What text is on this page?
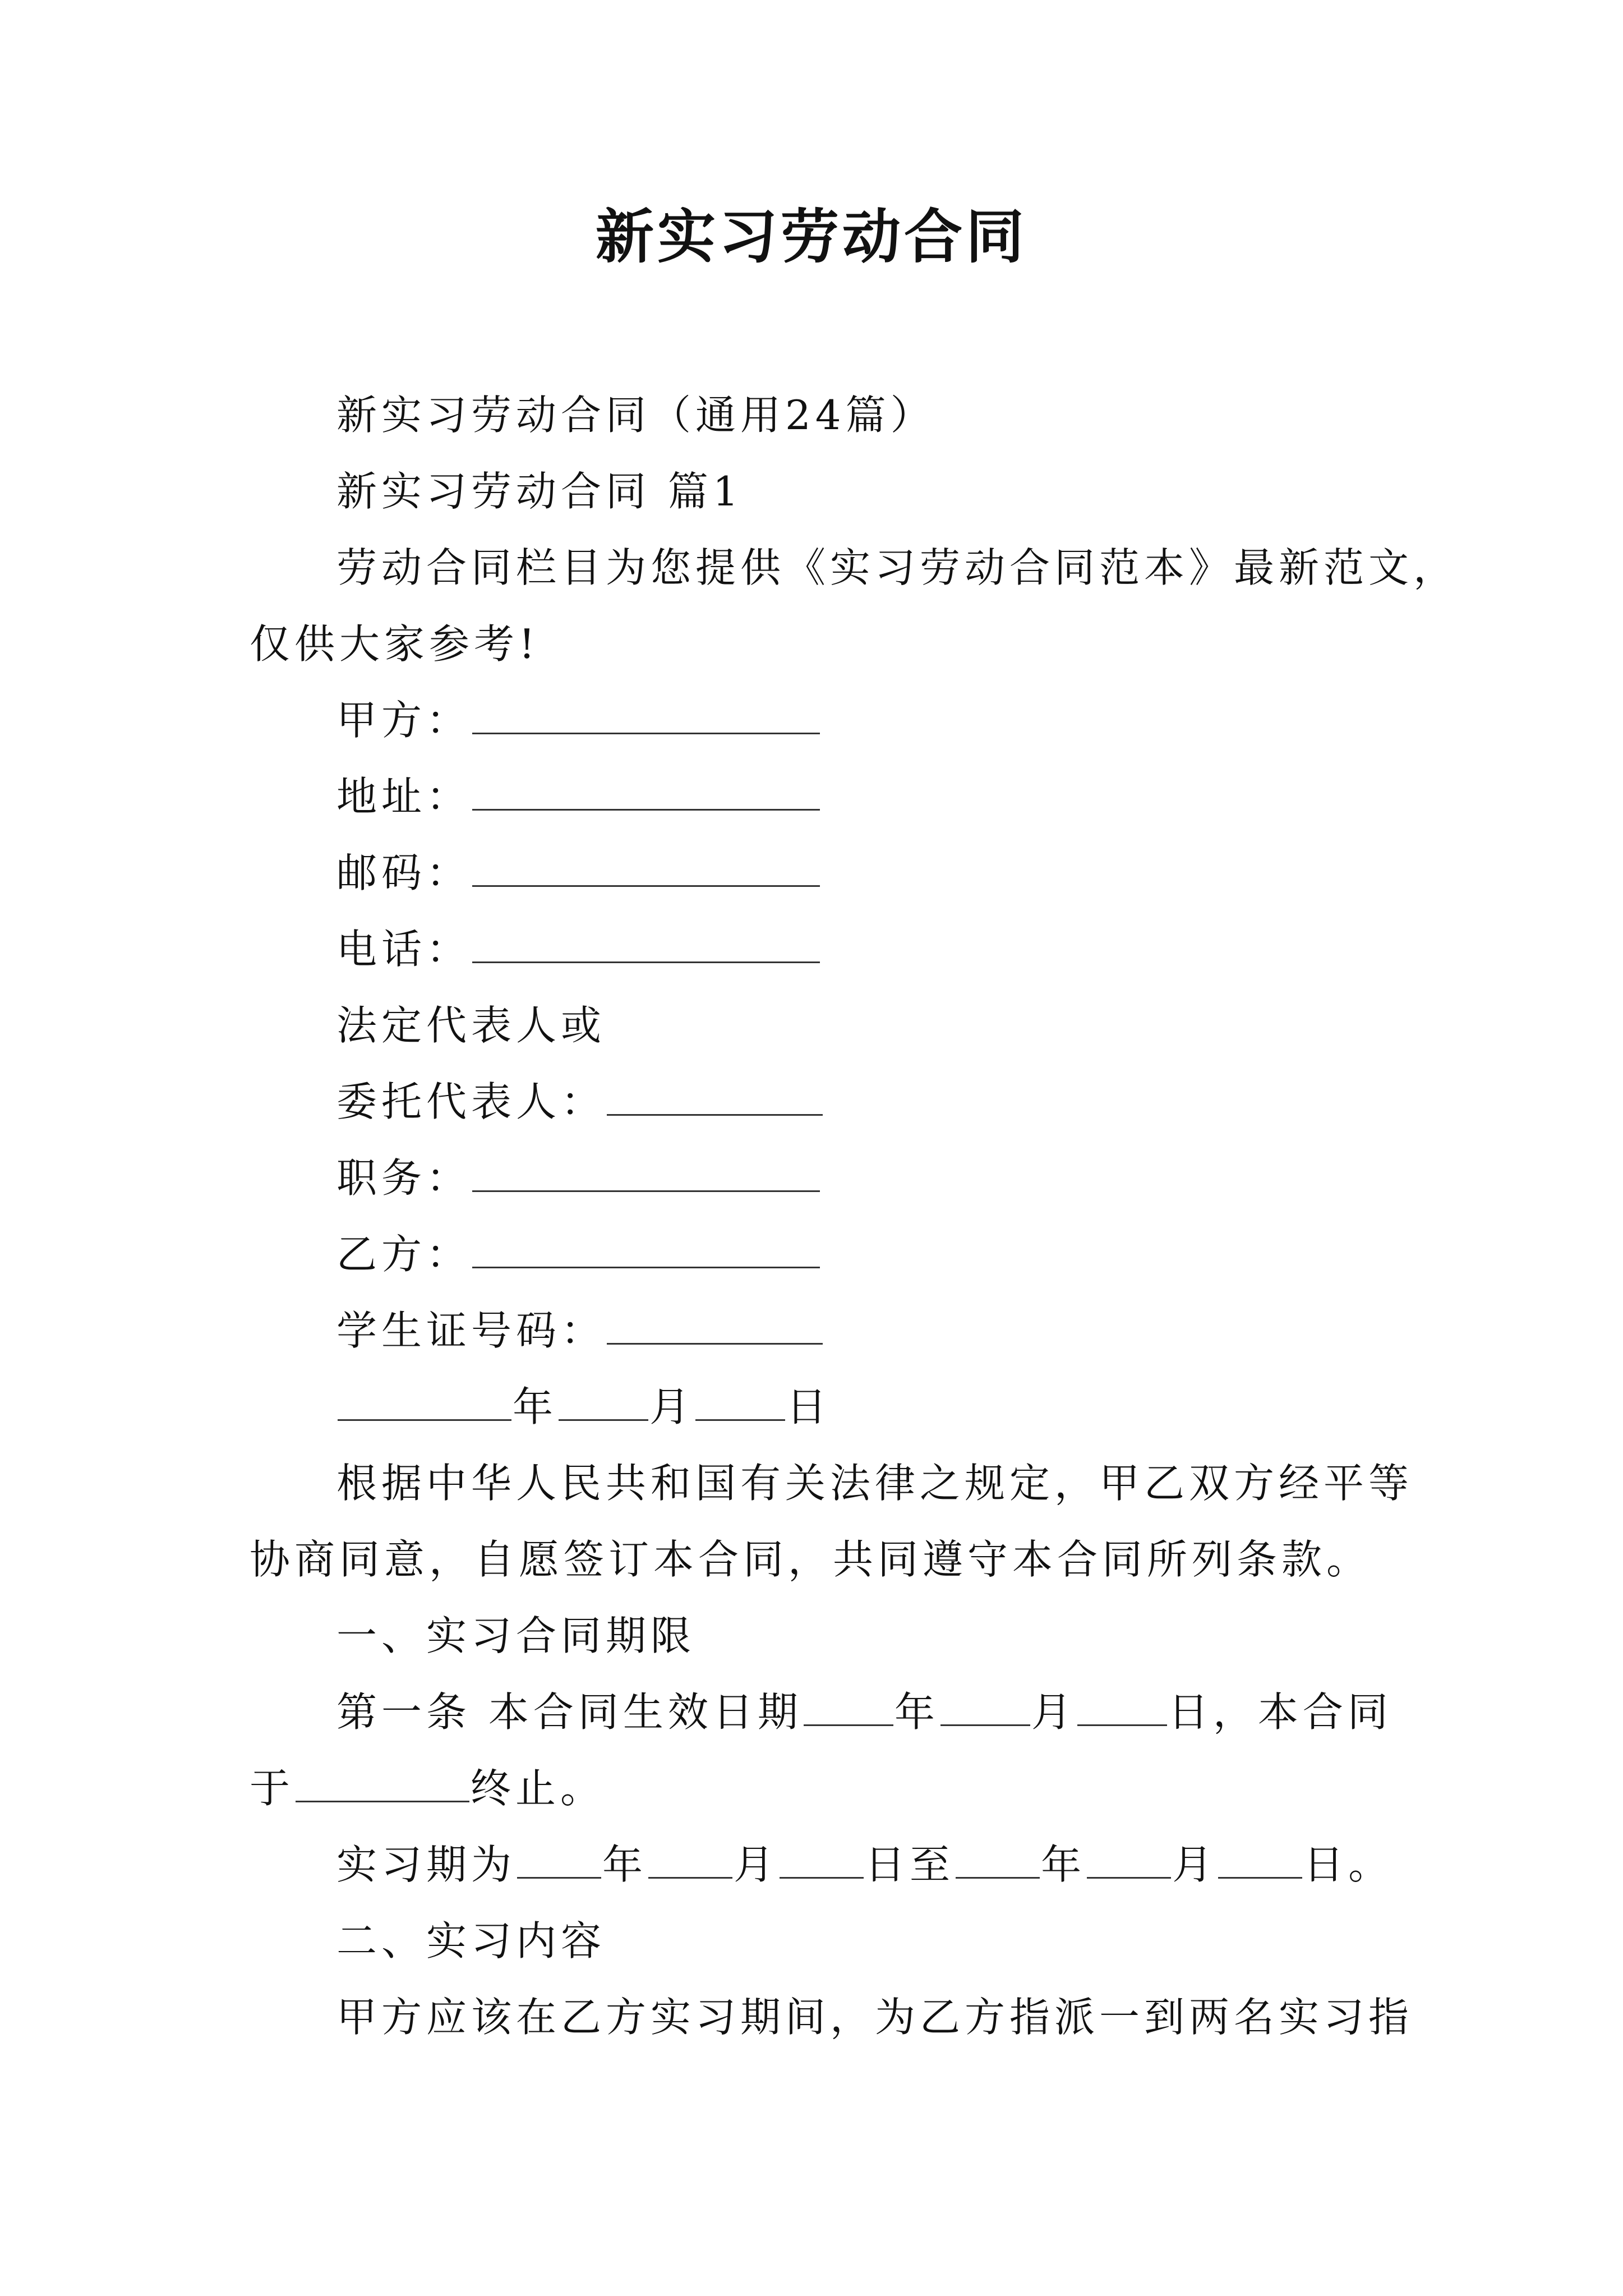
新实习劳动合同
新实习劳动合同（通用24篇）
新实习劳动合同 篇1
劳动合同栏目为您提供《实习劳动合同范本》最新范文，
仅供大家参考!
甲方：
地址：
邮码：
电话：
法定代表人或
委托代表人：
职务：
乙方：
学生证号码：
年 月 日
根据中华人民共和国有关法律之规定，甲乙双方经平等
协商同意，自愿签订本合同，共同遵守本合同所列条款。
一、实习合同期限
第一条 本合同生效日期 年 月 日，本合同
于	终止。
实习期为 年 月 日至 年 月 日。
二、实习内容
甲方应该在乙方实习期间，为乙方指派一到两名实习指
